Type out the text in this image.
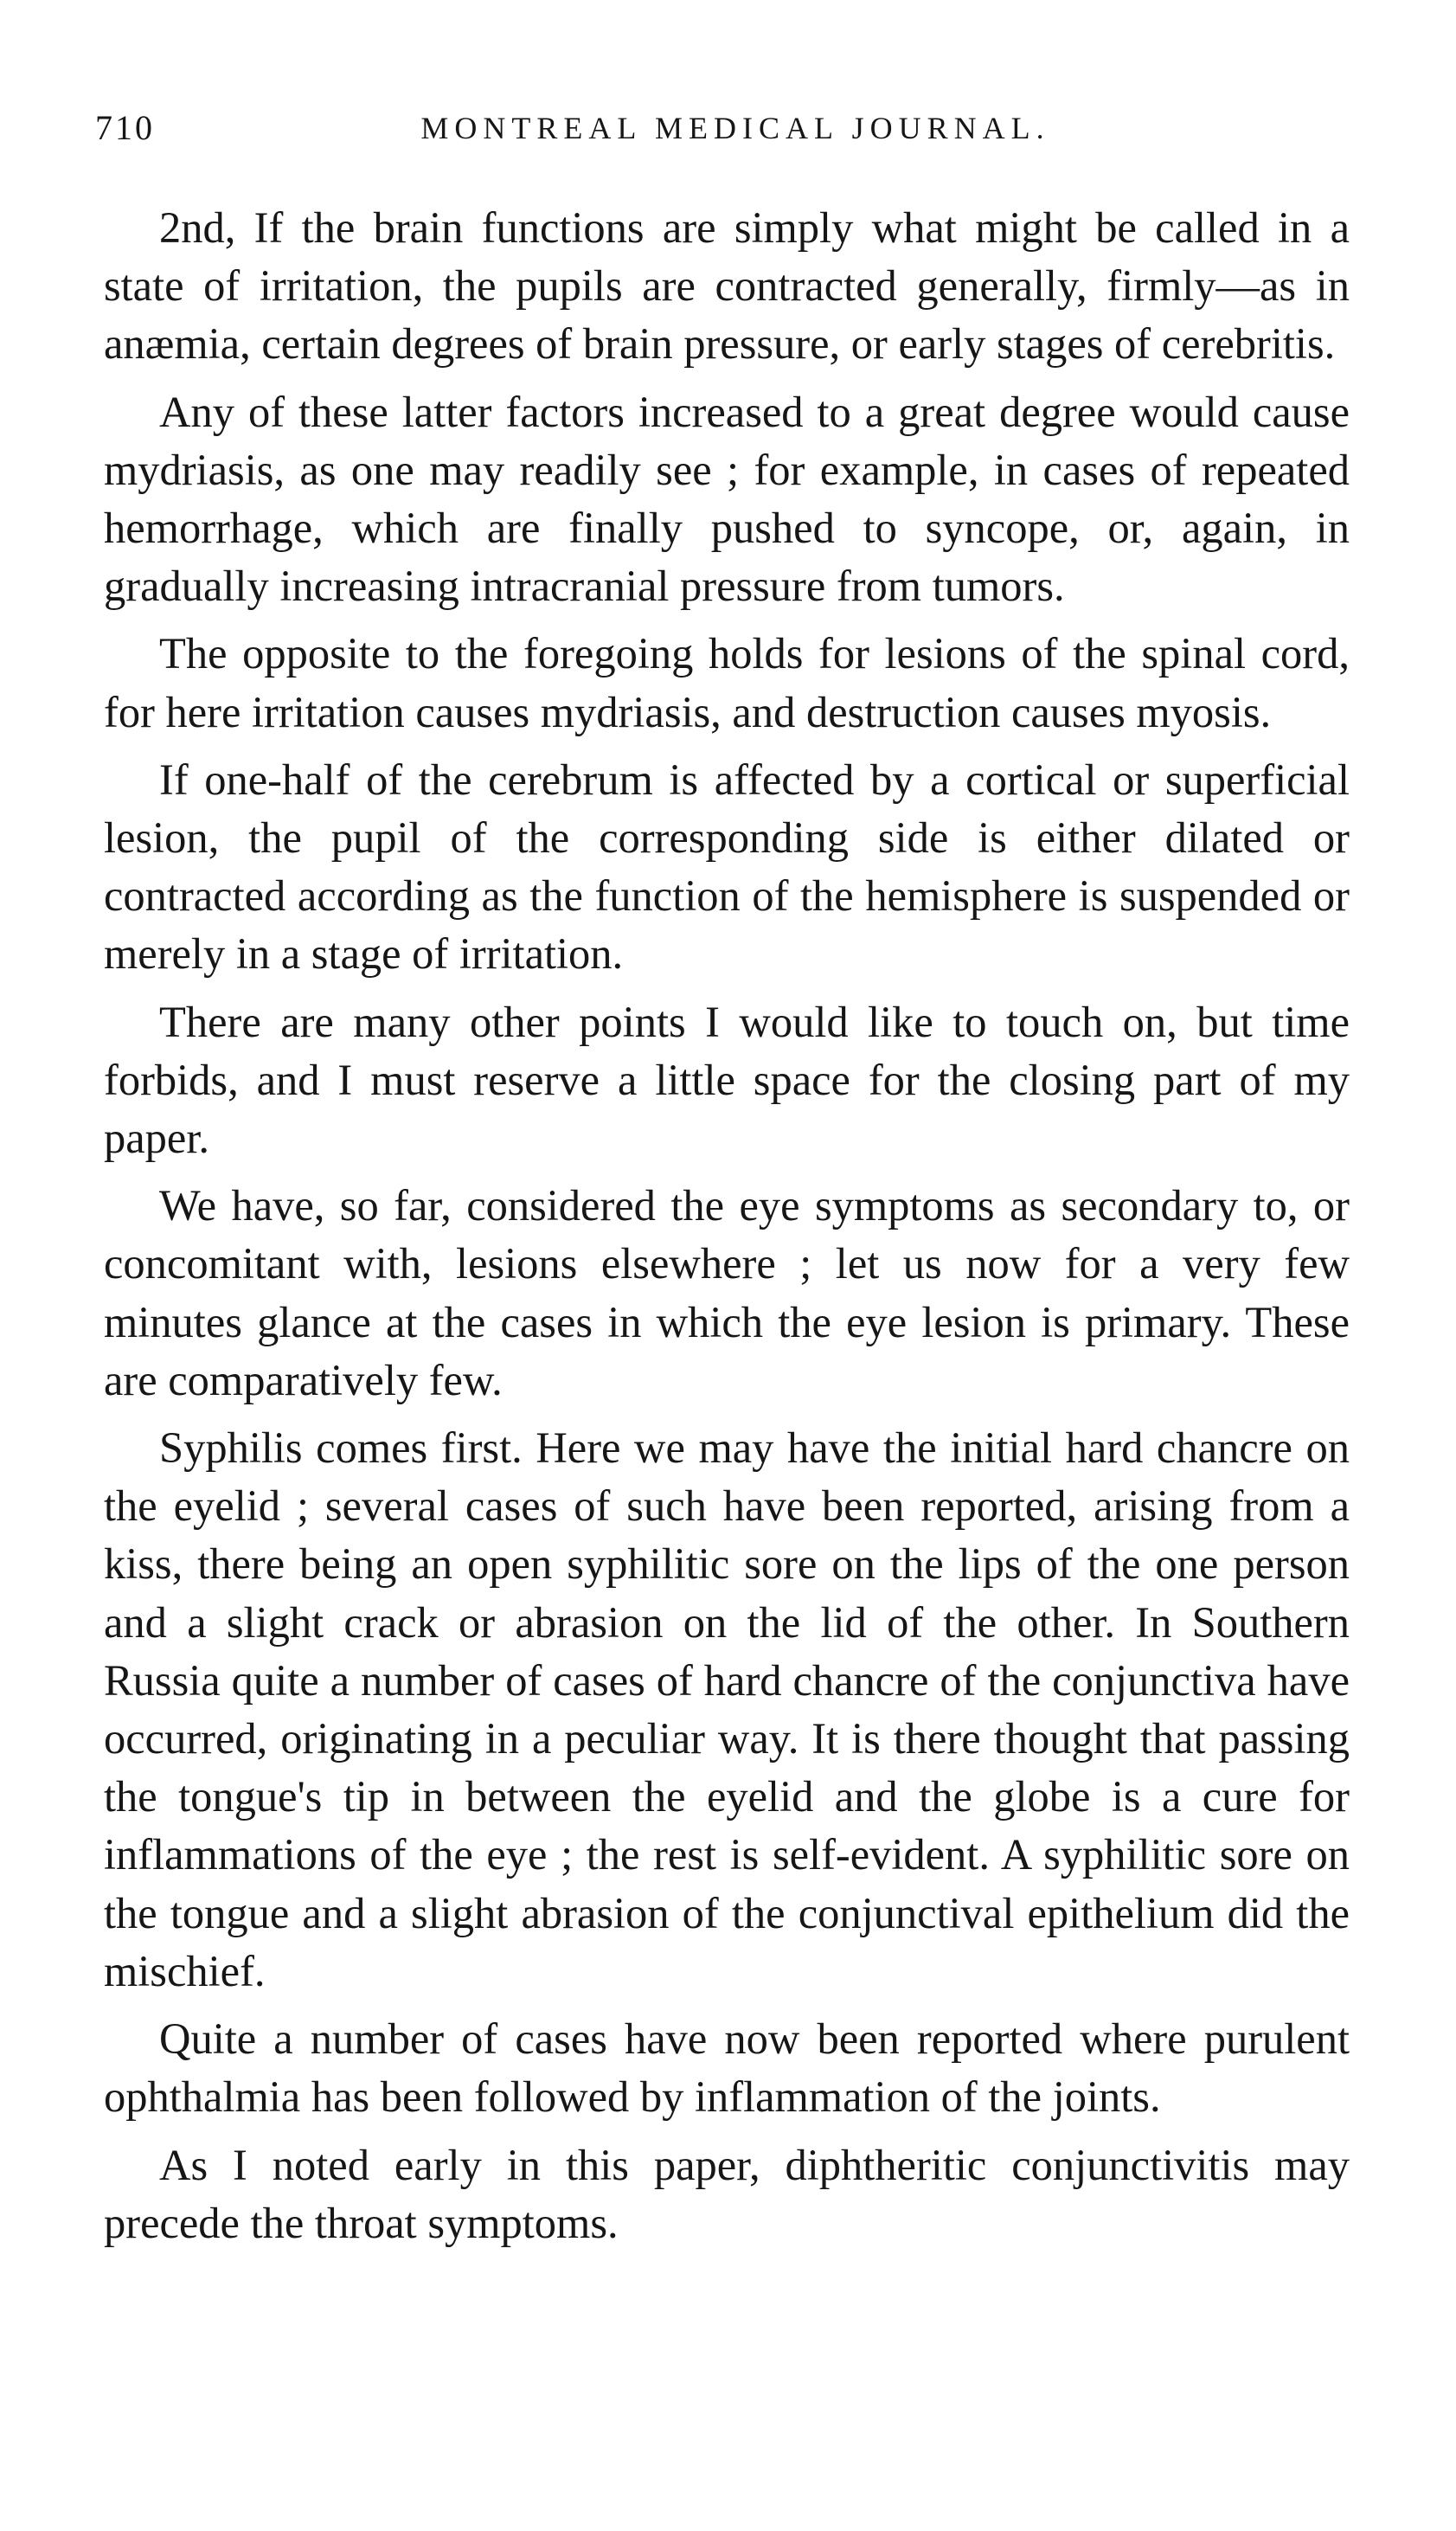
710	MONTREAL MEDICAL JOURNAL.

2nd, If the brain functions are simply what might be called in a state of irritation, the pupils are contracted generally, firmly—as in anæmia, certain degrees of brain pressure, or early stages of cerebritis.

Any of these latter factors increased to a great degree would cause mydriasis, as one may readily see ; for example, in cases of repeated hemorrhage, which are finally pushed to syncope, or, again, in gradually increasing intracranial pressure from tumors.

The opposite to the foregoing holds for lesions of the spinal cord, for here irritation causes mydriasis, and destruction causes myosis.

If one-half of the cerebrum is affected by a cortical or superficial lesion, the pupil of the corresponding side is either dilated or contracted according as the function of the hemisphere is suspended or merely in a stage of irritation.

There are many other points I would like to touch on, but time forbids, and I must reserve a little space for the closing part of my paper.

We have, so far, considered the eye symptoms as secondary to, or concomitant with, lesions elsewhere ; let us now for a very few minutes glance at the cases in which the eye lesion is primary. These are comparatively few.

Syphilis comes first. Here we may have the initial hard chancre on the eyelid ; several cases of such have been reported, arising from a kiss, there being an open syphilitic sore on the lips of the one person and a slight crack or abrasion on the lid of the other. In Southern Russia quite a number of cases of hard chancre of the conjunctiva have occurred, originating in a peculiar way. It is there thought that passing the tongue's tip in between the eyelid and the globe is a cure for inflammations of the eye ; the rest is self-evident. A syphilitic sore on the tongue and a slight abrasion of the conjunctival epithelium did the mischief.

Quite a number of cases have now been reported where purulent ophthalmia has been followed by inflammation of the joints.

As I noted early in this paper, diphtheritic conjunctivitis may precede the throat symptoms.
